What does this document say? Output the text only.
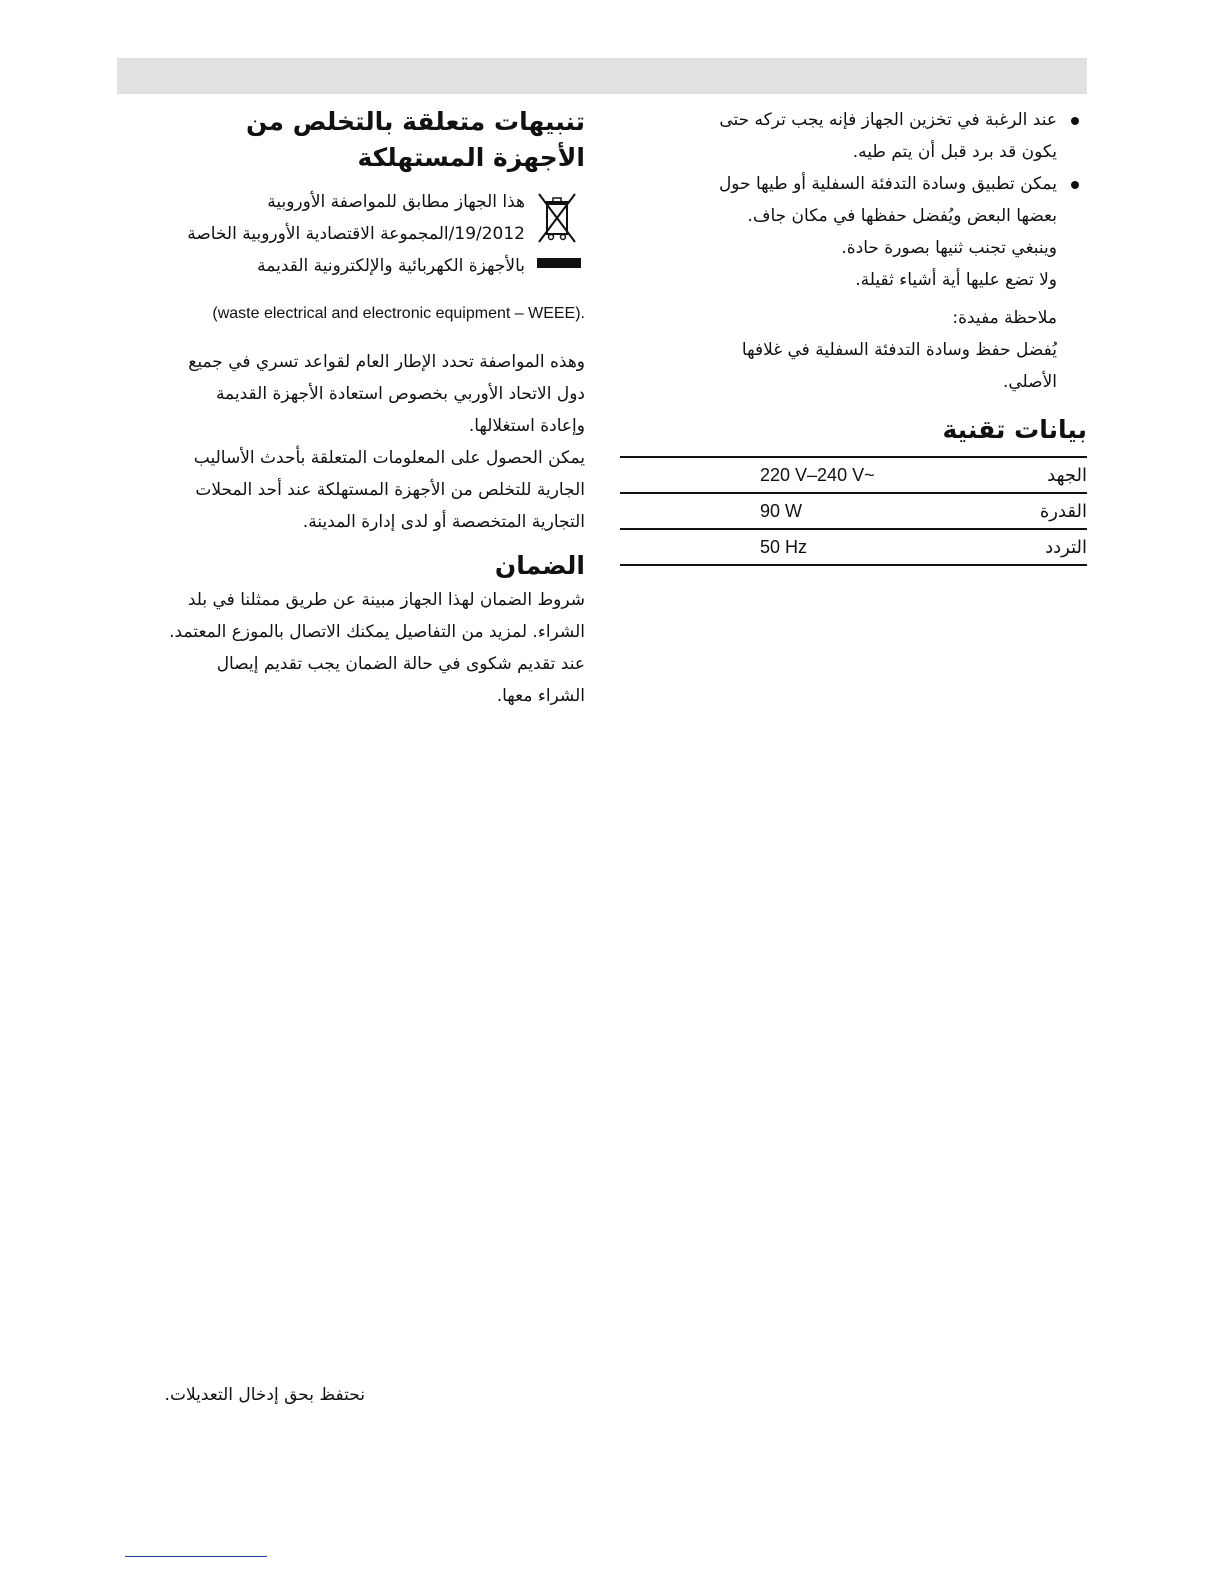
عند الرغبة في تخزين الجهاز فإنه يجب تركه حتى

يكون قد برد قبل أن يتم طيه.

يمكن تطبيق وسادة التدفئة السفلية أو طيها حول

بعضها البعض ويُفضل حفظها في مكان جاف.

وينبغي تجنب ثنيها بصورة حادة.

ولا تضع عليها أية أشياء ثقيلة.

ملاحظة مفيدة:

يُفضل حفظ وسادة التدفئة السفلية في غلافها

الأصلي.

بيانات تقنية
الجهد	220 V–240 V~
القدرة	90 W
التردد	50 Hz
تنبيهات متعلقة بالتخلص من
الأجهزة المستهلكة

هذا الجهاز مطابق للمواصفة الأوروبية

19/2012/المجموعة الاقتصادية الأوروبية الخاصة

بالأجهزة الكهربائية والإلكترونية القديمة

(waste electrical and electronic equipment – WEEE).

وهذه المواصفة تحدد الإطار العام لقواعد تسري في جميع

دول الاتحاد الأوربي بخصوص استعادة الأجهزة القديمة

وإعادة استغلالها.

يمكن الحصول على المعلومات المتعلقة بأحدث الأساليب

الجارية للتخلص من الأجهزة المستهلكة عند أحد المحلات

التجارية المتخصصة أو لدى إدارة المدينة.

الضمان

شروط الضمان لهذا الجهاز مبينة عن طريق ممثلنا في بلد

الشراء. لمزيد من التفاصيل يمكنك الاتصال بالموزع المعتمد.

عند تقديم شكوى في حالة الضمان يجب تقديم إيصال

الشراء معها.

نحتفظ بحق إدخال التعديلات.
